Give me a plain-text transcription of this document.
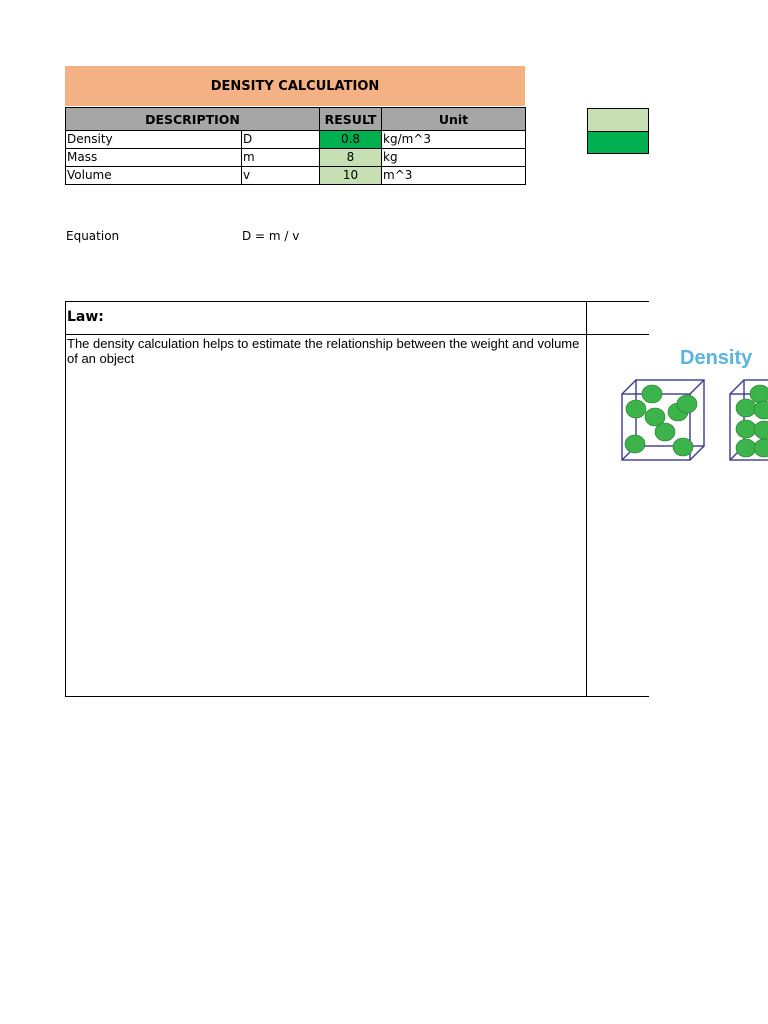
DENSITY CALCULATION
DESCRIPTION		RESULT	Unit
Density	D	0.8	kg/m^3
Mass	m	8	kg
Volume	v	10	m^3
Equation	D = m / v
Law:
The density calculation helps to estimate the relationship between the weight and volume of an object	Density
